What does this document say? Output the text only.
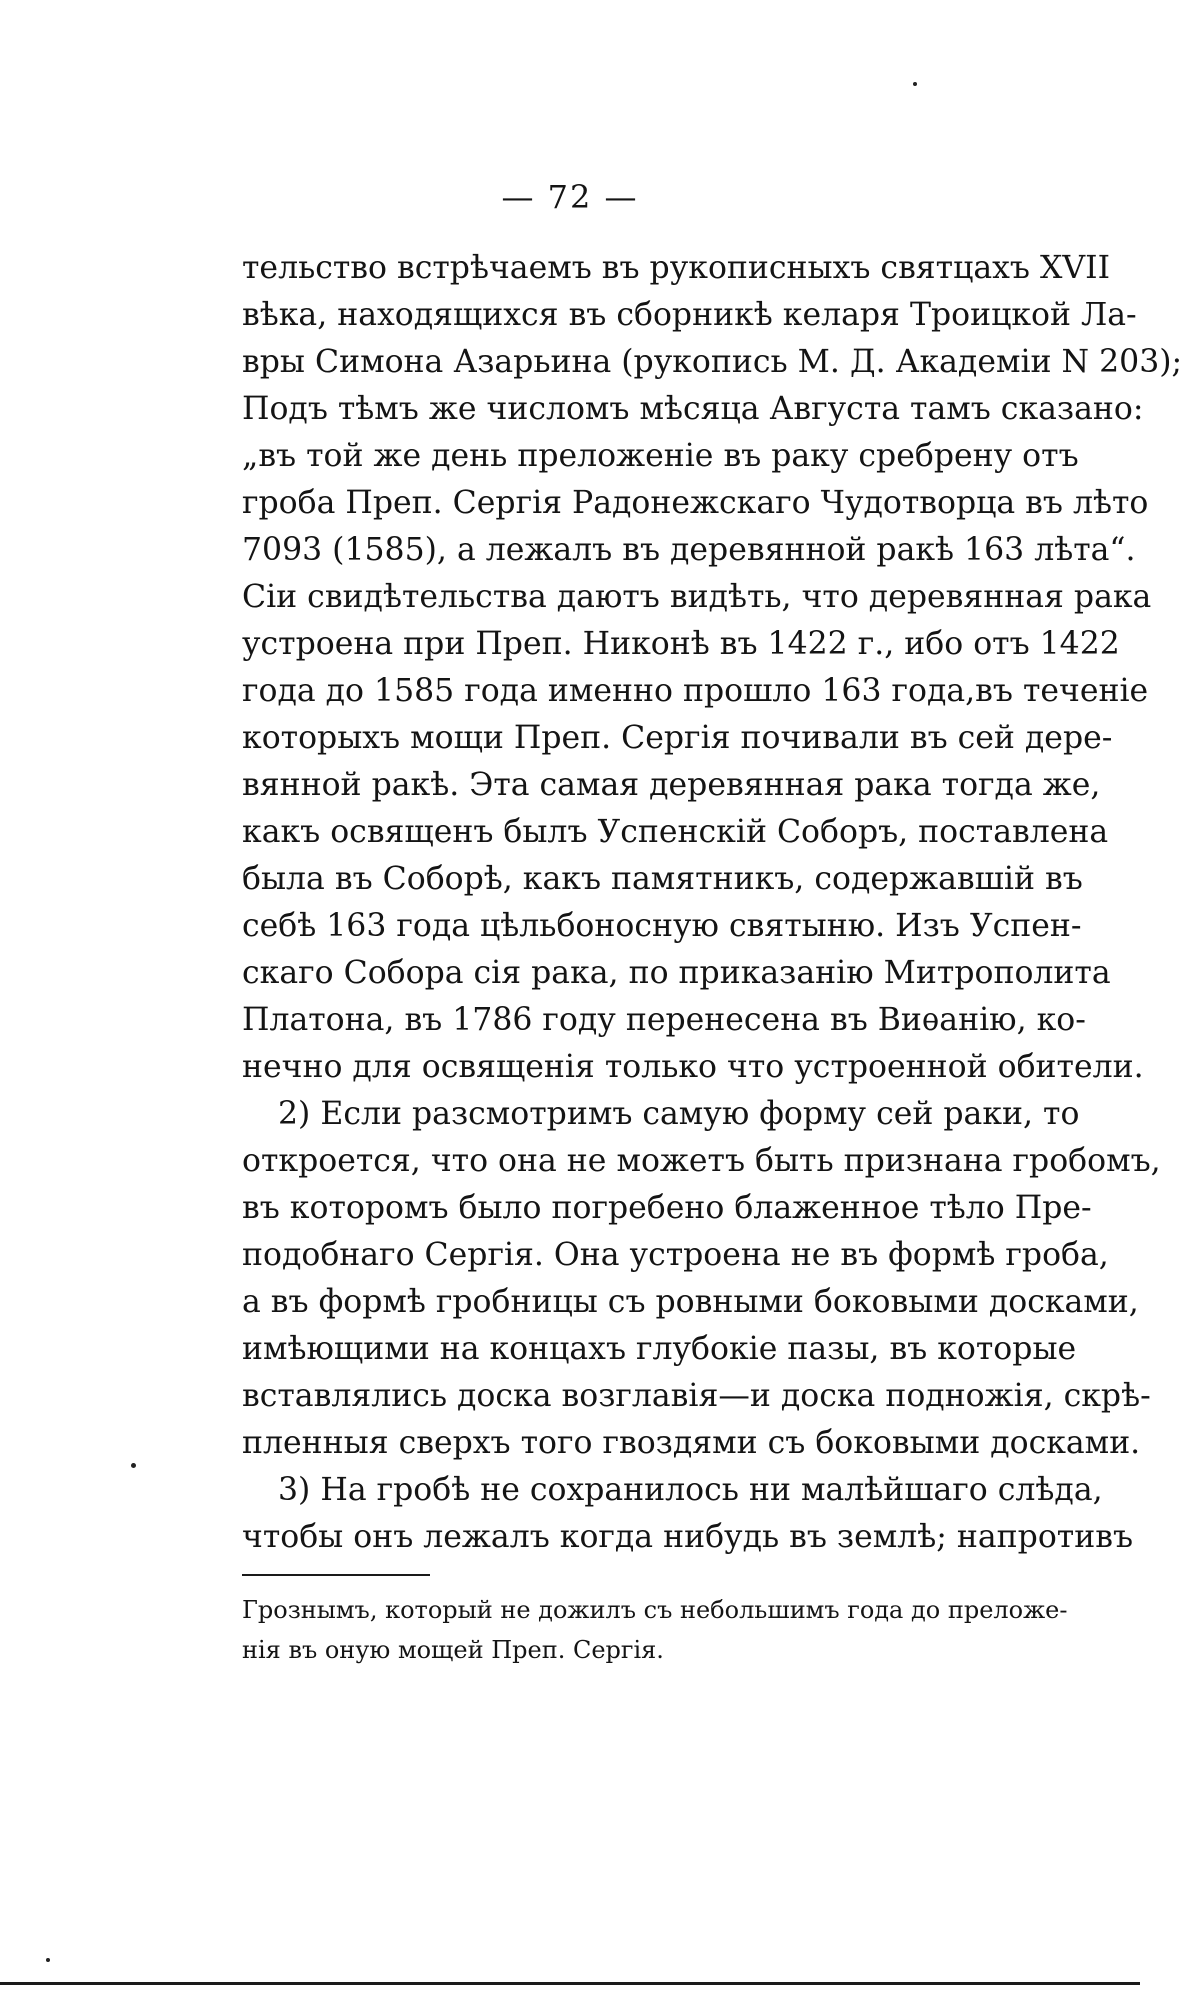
— 72 —
тельство встрѣчаемъ въ рукописныхъ святцахъ XVII
вѣка, находящихся въ сборникѣ келаря Троицкой Ла-
вры Симона Азарьина (рукопись М. Д. Академіи N 203);
Подъ тѣмъ же числомъ мѣсяца Августа тамъ сказано:
„въ той же день преложеніе въ раку сребрену отъ
гроба Преп. Сергія Радонежскаго Чудотворца въ лѣто
7093 (1585), а лежалъ въ деревянной ракѣ 163 лѣта“.
Сіи свидѣтельства даютъ видѣть, что деревянная рака
устроена при Преп. Никонѣ въ 1422 г., ибо отъ 1422
года до 1585 года именно прошло 163 года,въ теченіе
которыхъ мощи Преп. Сергія почивали въ сей дере-
вянной ракѣ. Эта самая деревянная рака тогда же,
какъ освященъ былъ Успенскій Соборъ, поставлена
была въ Соборѣ, какъ памятникъ, содержавшій въ
себѣ 163 года цѣльбоносную святыню. Изъ Успен-
скаго Собора сія рака, по приказанію Митрополита
Платона, въ 1786 году перенесена въ Виѳанію, ко-
нечно для освященія только что устроенной обители.
2) Если разсмотримъ самую форму сей раки, то
откроется, что она не можетъ быть признана гробомъ,
въ которомъ было погребено блаженное тѣло Пре-
подобнаго Сергія. Она устроена не въ формѣ гроба,
а въ формѣ гробницы съ ровными боковыми досками,
имѣющими на концахъ глубокіе пазы, въ которые
вставлялись доска возглавія—и доска подножія, скрѣ-
пленныя сверхъ того гвоздями съ боковыми досками.
3) На гробѣ не сохранилось ни малѣйшаго слѣда,
чтобы онъ лежалъ когда нибудь въ землѣ; напротивъ
Грознымъ, который не дожилъ съ небольшимъ года до преложе-
нія въ оную мощей Преп. Сергія.
